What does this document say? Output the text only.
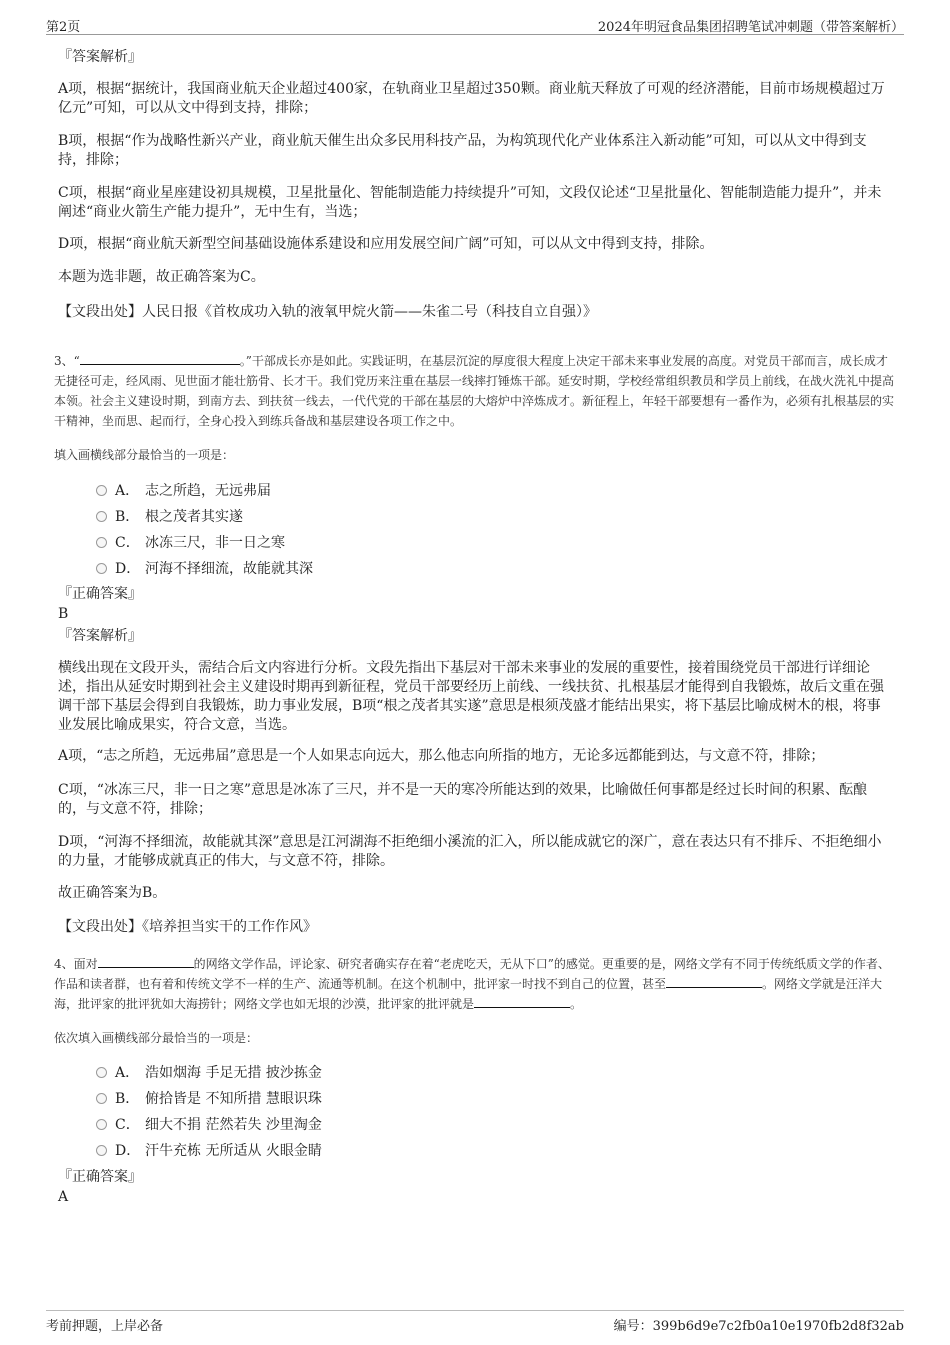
第2页	2024年明冠食品集团招聘笔试冲刺题（带答案解析）
『答案解析』

A项，根据“据统计，我国商业航天企业超过400家，在轨商业卫星超过350颗。商业航天释放了可观的经济潜能，目前市场规模超过万亿元”可知，可以从文中得到支持，排除；

B项，根据“作为战略性新兴产业，商业航天催生出众多民用科技产品，为构筑现代化产业体系注入新动能”可知，可以从文中得到支持，排除；

C项，根据“商业星座建设初具规模，卫星批量化、智能制造能力持续提升”可知，文段仅论述“卫星批量化、智能制造能力提升”，并未阐述“商业火箭生产能力提升”，无中生有，当选；

D项，根据“商业航天新型空间基础设施体系建设和应用发展空间广阔”可知，可以从文中得到支持，排除。

本题为选非题，故正确答案为C。

【文段出处】人民日报《首枚成功入轨的液氧甲烷火箭——朱雀二号（科技自立自强）》

3、“	。”干部成长亦是如此。实践证明，在基层沉淀的厚度很大程度上决定干部未来事业发展的高度。对党员干部而言，成长成才无捷径可走，经风雨、见世面才能壮筋骨、长才干。我们党历来注重在基层一线摔打锤炼干部。延安时期，学校经常组织教员和学员上前线，在战火洗礼中提高本领。社会主义建设时期，到南方去、到扶贫一线去，一代代党的干部在基层的大熔炉中淬炼成才。新征程上，年轻干部要想有一番作为，必须有扎根基层的实干精神，坐而思、起而行，全身心投入到练兵备战和基层建设各项工作之中。

填入画横线部分最恰当的一项是：

A． 志之所趋，无远弗届
B． 根之茂者其实遂
C． 冰冻三尺，非一日之寒
D． 河海不择细流，故能就其深
『正确答案』
B
『答案解析』

横线出现在文段开头，需结合后文内容进行分析。文段先指出下基层对干部未来事业的发展的重要性，接着围绕党员干部进行详细论述，指出从延安时期到社会主义建设时期再到新征程，党员干部要经历上前线、一线扶贫、扎根基层才能得到自我锻炼，故后文重在强调干部下基层会得到自我锻炼，助力事业发展，B项“根之茂者其实遂”意思是根须茂盛才能结出果实，将下基层比喻成树木的根，将事业发展比喻成果实，符合文意，当选。

A项，“志之所趋，无远弗届”意思是一个人如果志向远大，那么他志向所指的地方，无论多远都能到达，与文意不符，排除；

C项，“冰冻三尺，非一日之寒”意思是冰冻了三尺，并不是一天的寒冷所能达到的效果，比喻做任何事都是经过长时间的积累、酝酿的，与文意不符，排除；

D项，“河海不择细流，故能就其深”意思是江河湖海不拒绝细小溪流的汇入，所以能成就它的深广，意在表达只有不排斥、不拒绝细小的力量，才能够成就真正的伟大，与文意不符，排除。

故正确答案为B。

【文段出处】《培养担当实干的工作作风》

4、面对	的网络文学作品，评论家、研究者确实存在着“老虎吃天，无从下口”的感觉。更重要的是，网络文学有不同于传统纸质文学的作者、作品和读者群，也有着和传统文学不一样的生产、流通等机制。在这个机制中，批评家一时找不到自己的位置，甚至	。网络文学就是汪洋大海，批评家的批评犹如大海捞针；网络文学也如无垠的沙漠，批评家的批评就是	。

依次填入画横线部分最恰当的一项是：

A． 浩如烟海 手足无措 披沙拣金
B． 俯拾皆是 不知所措 慧眼识珠
C． 细大不捐 茫然若失 沙里淘金
D． 汗牛充栋 无所适从 火眼金睛
『正确答案』
A
考前押题，上岸必备	编号：399b6d9e7c2fb0a10e1970fb2d8f32ab
